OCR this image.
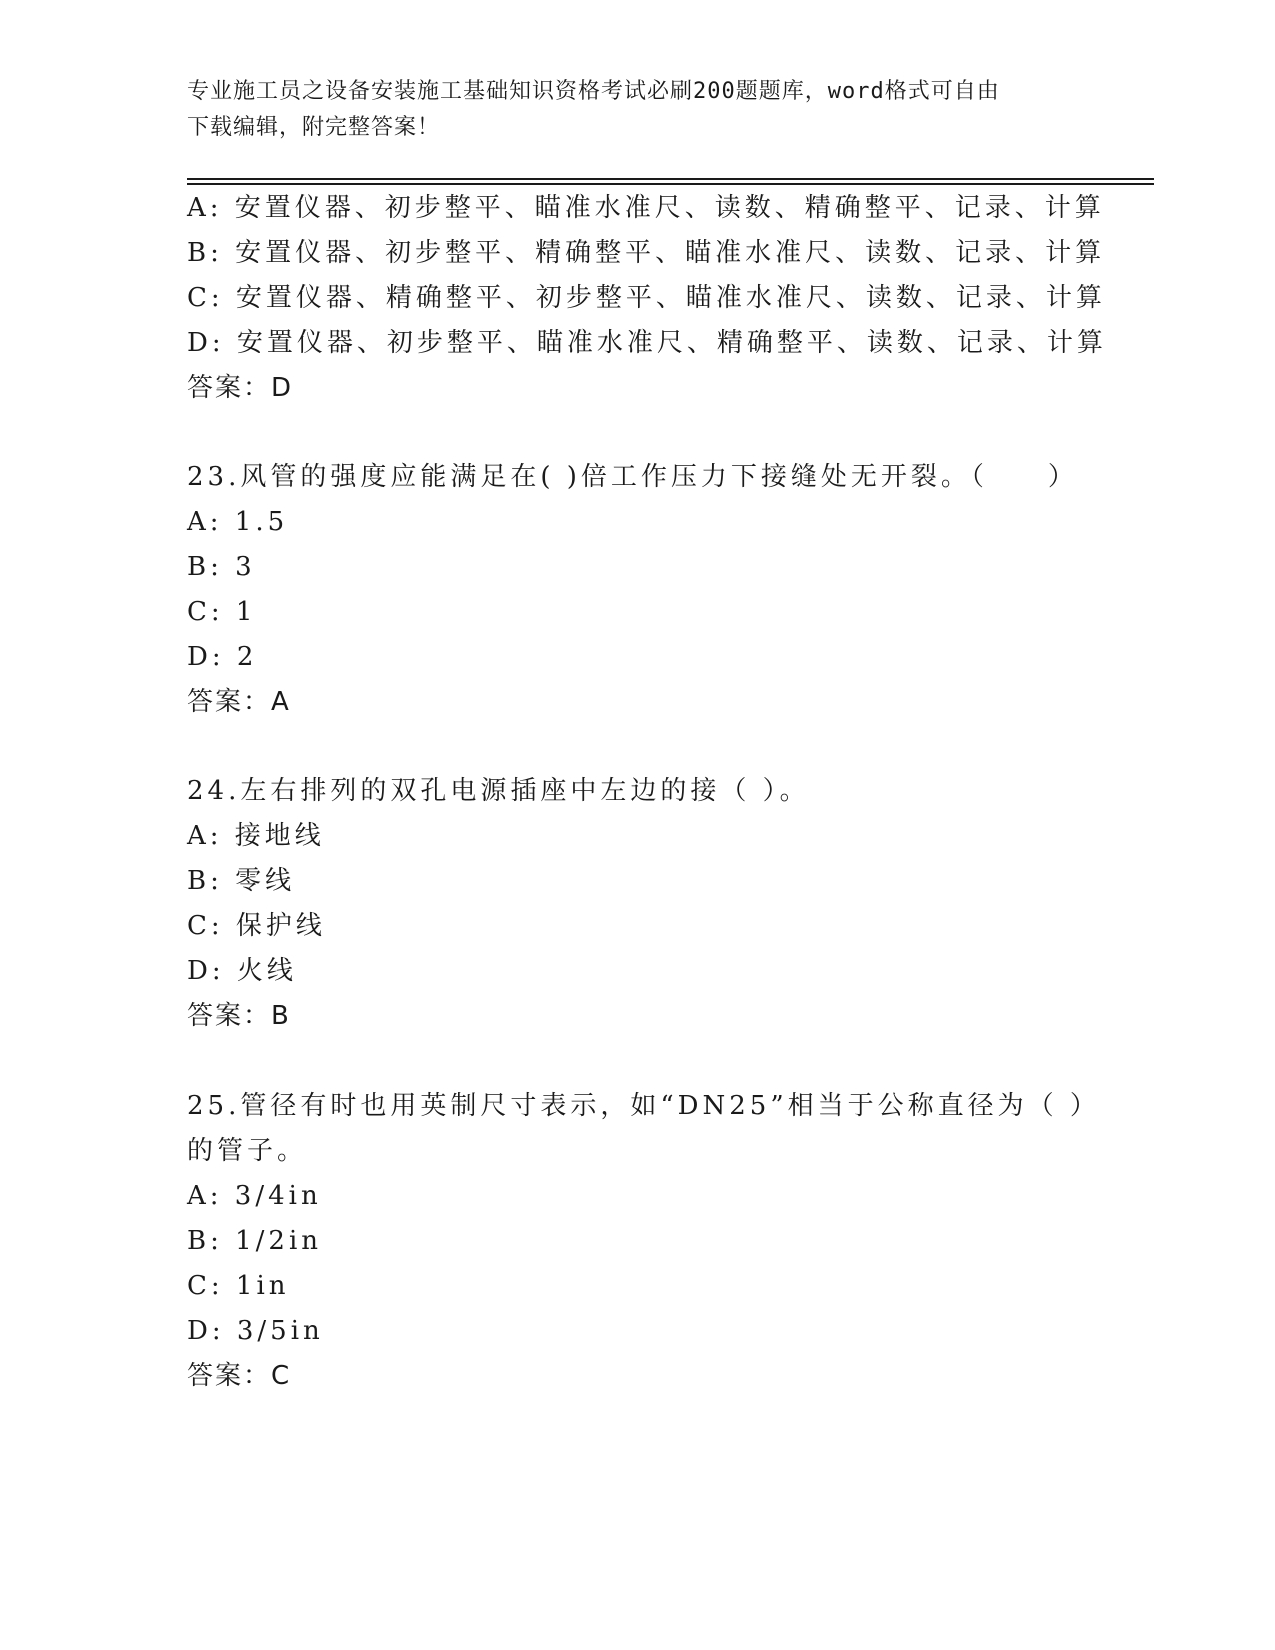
专业施工员之设备安装施工基础知识资格考试必刷200题题库，word格式可自由
下载编辑，附完整答案！
A: 安置仪器、初步整平、瞄准水准尺、读数、精确整平、记录、计算
B: 安置仪器、初步整平、精确整平、瞄准水准尺、读数、记录、计算
C: 安置仪器、精确整平、初步整平、瞄准水准尺、读数、记录、计算
D: 安置仪器、初步整平、瞄准水准尺、精确整平、读数、记录、计算
答案：D
23.风管的强度应能满足在( )倍工作压力下接缝处无开裂。（　　）
A: 1.5
B: 3
C: 1
D: 2
答案：A
24.左右排列的双孔电源插座中左边的接（ ）。
A: 接地线
B: 零线
C: 保护线
D: 火线
答案：B
25.管径有时也用英制尺寸表示，如“DN25”相当于公称直径为（ ）
的管子。
A: 3/4in
B: 1/2in
C: 1in
D: 3/5in
答案：C
